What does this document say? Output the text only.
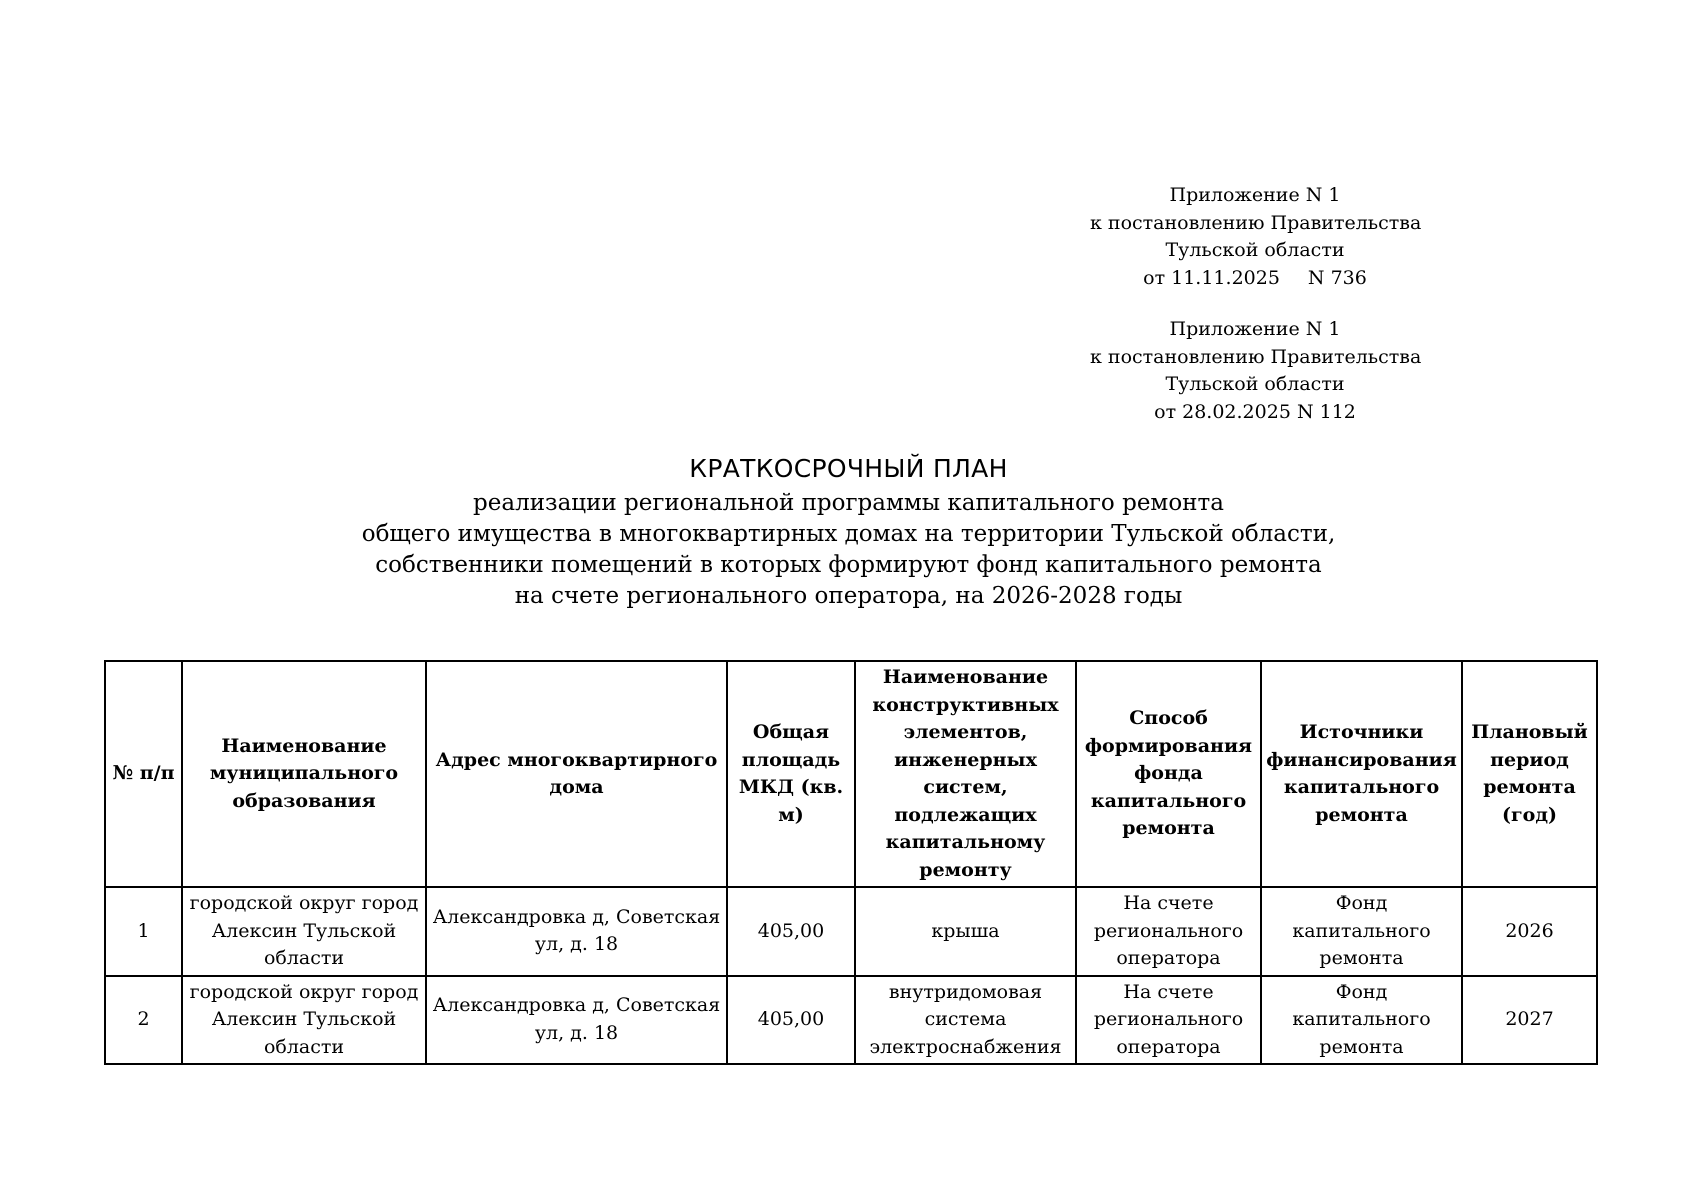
Приложение N 1
к постановлению Правительства
Тульской области
от 11.11.2025 N 736
Приложение N 1
к постановлению Правительства
Тульской области
от 28.02.2025 N 112
КРАТКОСРОЧНЫЙ ПЛАН
реализации региональной программы капитального ремонта
общего имущества в многоквартирных домах на территории Тульской области,
собственники помещений в которых формируют фонд капитального ремонта
на счете регионального оператора, на 2026-2028 годы
№ п/п	Наименование муниципального образования	Адрес многоквартирного дома	Общая площадь МКД (кв. м)	Наименование конструктивных элементов, инженерных систем, подлежащих капитальному ремонту	Способ формирования фонда капитального ремонта	Источники финансирования капитального ремонта	Плановый период ремонта (год)
1	городской округ город Алексин Тульской области	Александровка д, Советская ул, д. 18	405,00	крыша	На счете регионального оператора	Фонд капитального ремонта	2026
2	городской округ город Алексин Тульской области	Александровка д, Советская ул, д. 18	405,00	внутридомовая система электроснабжения	На счете регионального оператора	Фонд капитального ремонта	2027
